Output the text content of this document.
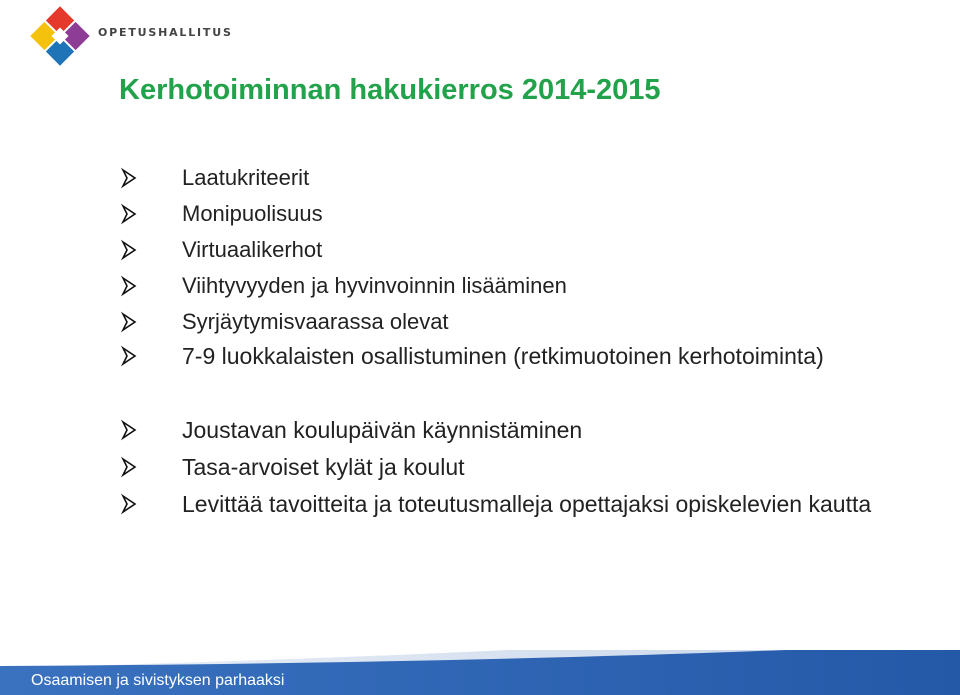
OPETUSHALLITUS
Kerhotoiminnan hakukierros 2014-2015
Laatukriteerit
Monipuolisuus
Virtuaalikerhot
Viihtyvyyden ja hyvinvoinnin lisääminen
Syrjäytymisvaarassa olevat
7-9 luokkalaisten osallistuminen (retkimuotoinen kerhotoiminta)
Joustavan koulupäivän käynnistäminen
Tasa-arvoiset kylät ja koulut
Levittää tavoitteita ja toteutusmalleja opettajaksi opiskelevien kautta
Osaamisen ja sivistyksen parhaaksi
